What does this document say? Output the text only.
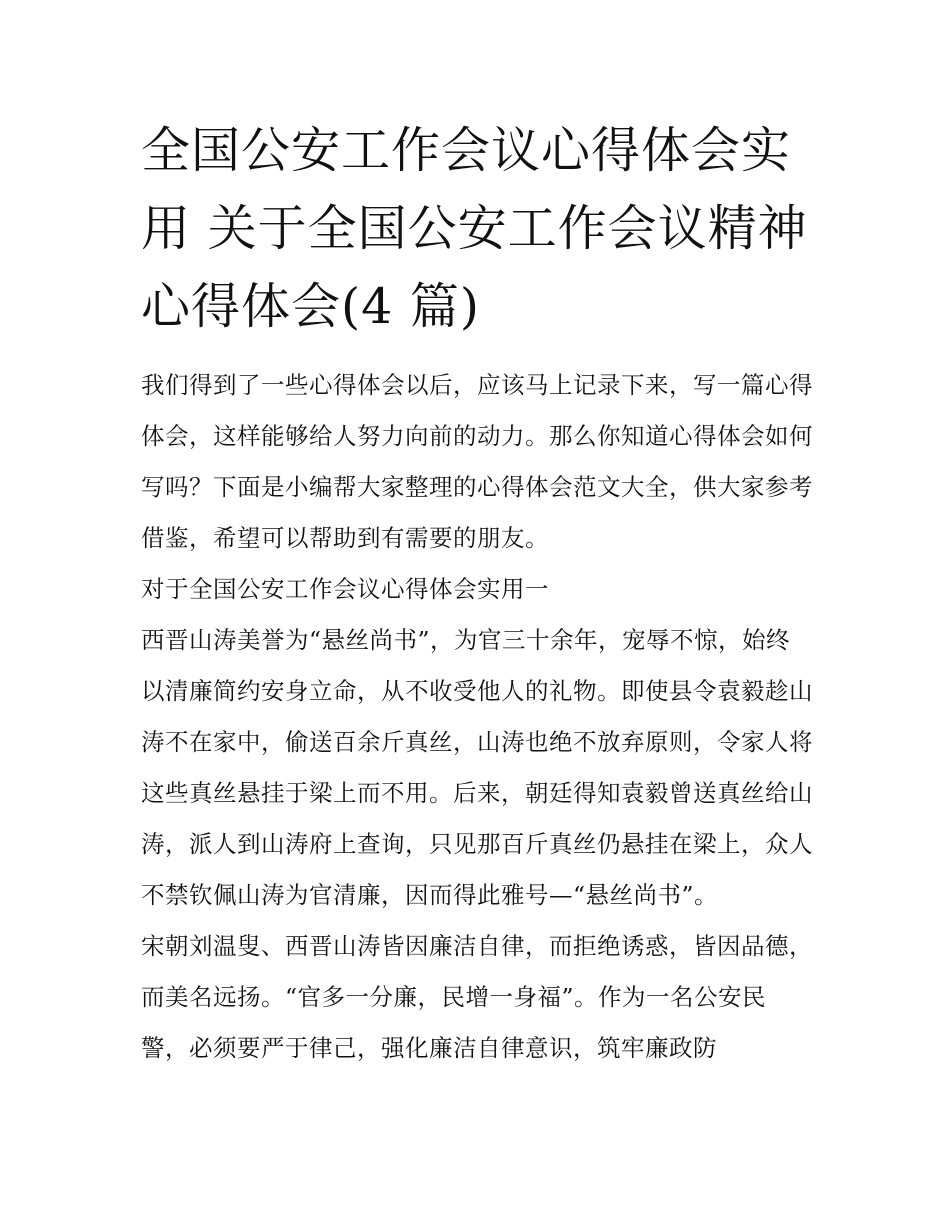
全国公安工作会议心得体会实
用 关于全国公安工作会议精神
心得体会(4 篇)

我们得到了一些心得体会以后，应该马上记录下来，写一篇心得体会，这样能够给人努力向前的动力。那么你知道心得体会如何写吗？下面是小编帮大家整理的心得体会范文大全，供大家参考借鉴，希望可以帮助到有需要的朋友。

对于全国公安工作会议心得体会实用一

西晋山涛美誉为“悬丝尚书”，为官三十余年，宠辱不惊，始终以清廉简约安身立命，从不收受他人的礼物。即使县令袁毅趁山涛不在家中，偷送百余斤真丝，山涛也绝不放弃原则，令家人将这些真丝悬挂于梁上而不用。后来，朝廷得知袁毅曾送真丝给山涛，派人到山涛府上查询，只见那百斤真丝仍悬挂在梁上，众人不禁钦佩山涛为官清廉，因而得此雅号—“悬丝尚书”。

宋朝刘温叟、西晋山涛皆因廉洁自律，而拒绝诱惑，皆因品德，而美名远扬。“官多一分廉，民增一身福”。作为一名公安民警，必须要严于律己，强化廉洁自律意识，筑牢廉政防
